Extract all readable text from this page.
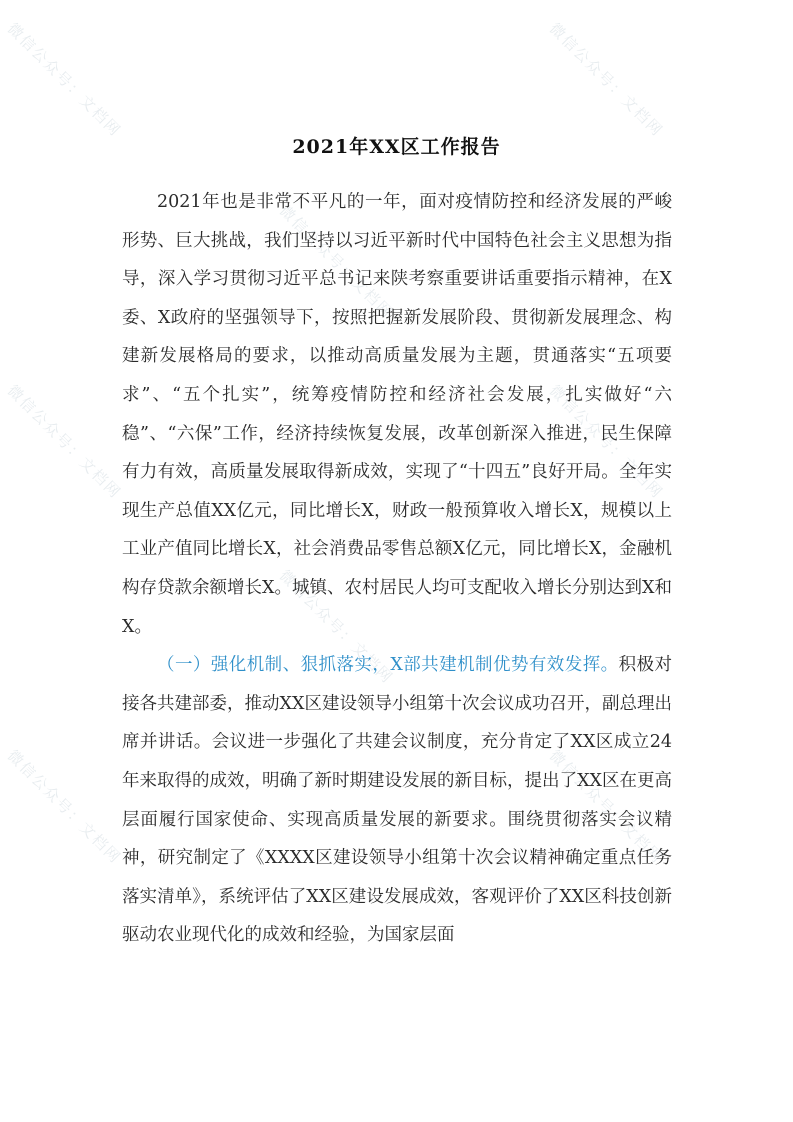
微信公众号：文档网	微信公众号：文档网
微信公众号：文档网	微信公众号：文档网
微信公众号：文档网	微信公众号：文档网
微信公众号：文档网
微信公众号：文档网
2021年XX区工作报告

2021年也是非常不平凡的一年，面对疫情防控和经济发展的严峻形势、巨大挑战，我们坚持以习近平新时代中国特色社会主义思想为指导，深入学习贯彻习近平总书记来陕考察重要讲话重要指示精神，在X委、X政府的坚强领导下，按照把握新发展阶段、贯彻新发展理念、构建新发展格局的要求，以推动高质量发展为主题，贯通落实“五项要求”、“五个扎实”，统筹疫情防控和经济社会发展，扎实做好“六稳”、“六保”工作，经济持续恢复发展，改革创新深入推进，民生保障有力有效，高质量发展取得新成效，实现了“十四五”良好开局。全年实现生产总值XX亿元，同比增长X，财政一般预算收入增长X，规模以上工业产值同比增长X，社会消费品零售总额X亿元，同比增长X，金融机构存贷款余额增长X。城镇、农村居民人均可支配收入增长分别达到X和X。

（一）强化机制、狠抓落实，X部共建机制优势有效发挥。积极对接各共建部委，推动XX区建设领导小组第十次会议成功召开，副总理出席并讲话。会议进一步强化了共建会议制度，充分肯定了XX区成立24年来取得的成效，明确了新时期建设发展的新目标，提出了XX区在更高层面履行国家使命、实现高质量发展的新要求。围绕贯彻落实会议精神，研究制定了《XXXX区建设领导小组第十次会议精神确定重点任务落实清单》，系统评估了XX区建设发展成效，客观评价了XX区科技创新驱动农业现代化的成效和经验，为国家层面
